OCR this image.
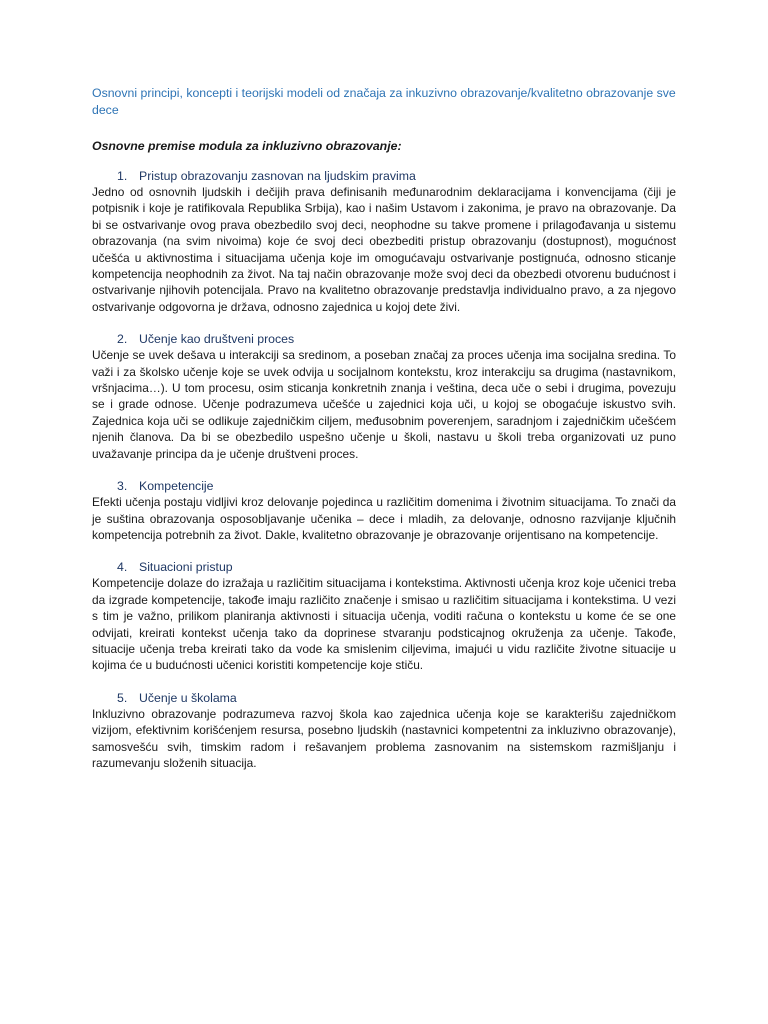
Osnovni principi, koncepti i teorijski modeli od značaja za inkuzivno obrazovanje/kvalitetno obrazovanje sve dece

Osnovne premise modula za inkluzivno obrazovanje:

1. Pristup obrazovanju zasnovan na ljudskim pravima

Jedno od osnovnih ljudskih i dečijih prava definisanih međunarodnim deklaracijama i konvencijama (čiji je potpisnik i koje je ratifikovala Republika Srbija), kao i našim Ustavom i zakonima, je pravo na obrazovanje. Da bi se ostvarivanje ovog prava obezbedilo svoj deci, neophodne su takve promene i prilagođavanja u sistemu obrazovanja (na svim nivoima) koje će svoj deci obezbediti pristup obrazovanju (dostupnost), mogućnost učešća u aktivnostima i situacijama učenja koje im omogućavaju ostvarivanje postignuća, odnosno sticanje kompetencija neophodnih za život. Na taj način obrazovanje može svoj deci da obezbedi otvorenu budućnost i ostvarivanje njihovih potencijala. Pravo na kvalitetno obrazovanje predstavlja individualno pravo, a za njegovo ostvarivanje odgovorna je država, odnosno zajednica u kojoj dete živi.

2. Učenje kao društveni proces

Učenje se uvek dešava u interakciji sa sredinom, a poseban značaj za proces učenja ima socijalna sredina. To važi i za školsko učenje koje se uvek odvija u socijalnom kontekstu, kroz interakciju sa drugima (nastavnikom, vršnjacima…). U tom procesu, osim sticanja konkretnih znanja i veština, deca uče o sebi i drugima, povezuju se i grade odnose. Učenje podrazumeva učešće u zajednici koja uči, u kojoj se obogaćuje iskustvo svih. Zajednica koja uči se odlikuje zajedničkim ciljem, međusobnim poverenjem, saradnjom i zajedničkim učešćem njenih članova. Da bi se obezbedilo uspešno učenje u školi, nastavu u školi treba organizovati uz puno uvažavanje principa da je učenje društveni proces.

3. Kompetencije

Efekti učenja postaju vidljivi kroz delovanje pojedinca u različitim domenima i životnim situacijama. To znači da je suština obrazovanja osposobljavanje učenika – dece i mladih, za delovanje, odnosno razvijanje ključnih kompetencija potrebnih za život. Dakle, kvalitetno obrazovanje je obrazovanje orijentisano na kompetencije.

4. Situacioni pristup

Kompetencije dolaze do izražaja u različitim situacijama i kontekstima. Aktivnosti učenja kroz koje učenici treba da izgrade kompetencije, takođe imaju različito značenje i smisao u različitim situacijama i kontekstima. U vezi s tim je važno, prilikom planiranja aktivnosti i situacija učenja, voditi računa o kontekstu u kome će se one odvijati, kreirati kontekst učenja tako da doprinese stvaranju podsticajnog okruženja za učenje. Takođe, situacije učenja treba kreirati tako da vode ka smislenim ciljevima, imajući u vidu različite životne situacije u kojima će u budućnosti učenici koristiti kompetencije koje stiču.

5. Učenje u školama

Inkluzivno obrazovanje podrazumeva razvoj škola kao zajednica učenja koje se karakterišu zajedničkom vizijom, efektivnim korišćenjem resursa, posebno ljudskih (nastavnici kompetentni za inkluzivno obrazovanje), samosvešću svih, timskim radom i rešavanjem problema zasnovanim na sistemskom razmišljanju i razumevanju složenih situacija.
